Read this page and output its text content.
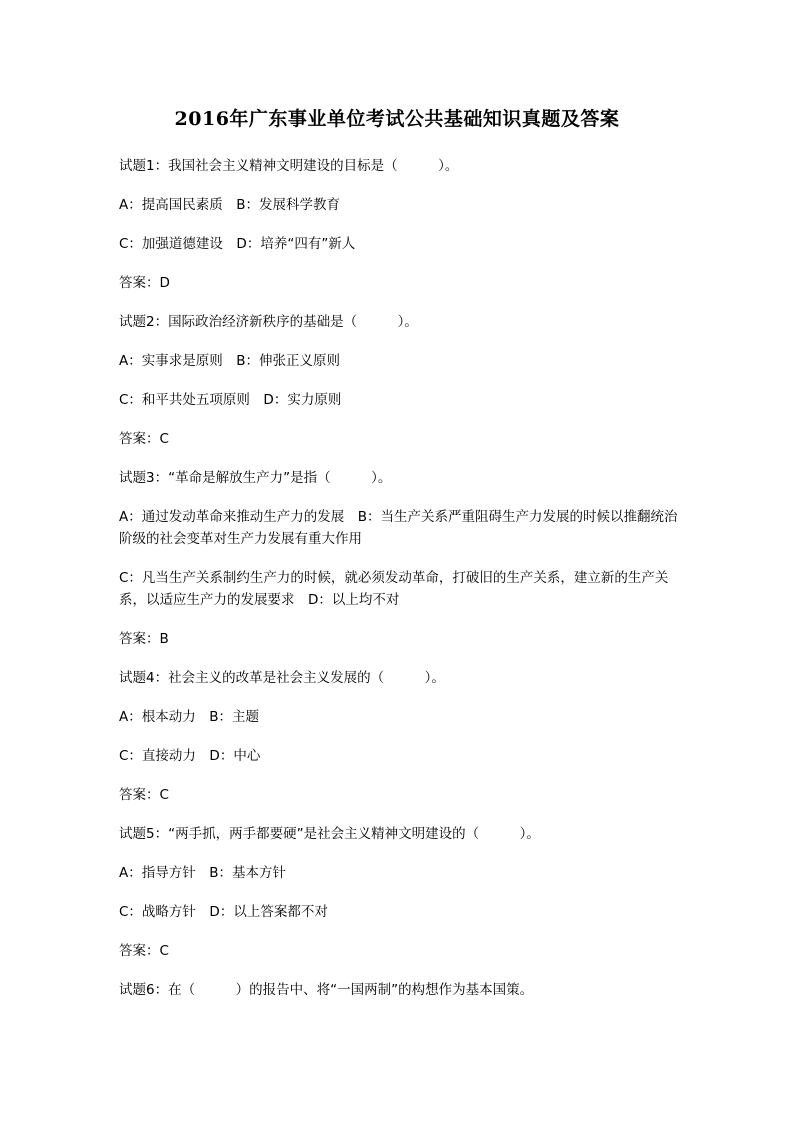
2016年广东事业单位考试公共基础知识真题及答案

试题1：我国社会主义精神文明建设的目标是（　　　）。

A：提高国民素质　B：发展科学教育

C：加强道德建设　D：培养“四有”新人

答案：D

试题2：国际政治经济新秩序的基础是（　　　）。

A：实事求是原则　B：伸张正义原则

C：和平共处五项原则　D：实力原则

答案：C

试题3：“革命是解放生产力”是指（　　　）。

A：通过发动革命来推动生产力的发展　B：当生产关系严重阻碍生产力发展的时候以推翻统治阶级的社会变革对生产力发展有重大作用

C：凡当生产关系制约生产力的时候，就必须发动革命，打破旧的生产关系，建立新的生产关系，以适应生产力的发展要求　D：以上均不对

答案：B

试题4：社会主义的改革是社会主义发展的（　　　）。

A：根本动力　B：主题

C：直接动力　D：中心

答案：C

试题5：“两手抓，两手都要硬”是社会主义精神文明建设的（　　　）。

A：指导方针　B：基本方针

C：战略方针　D：以上答案都不对

答案：C

试题6：在（　　　）的报告中、将“一国两制”的构想作为基本国策。
